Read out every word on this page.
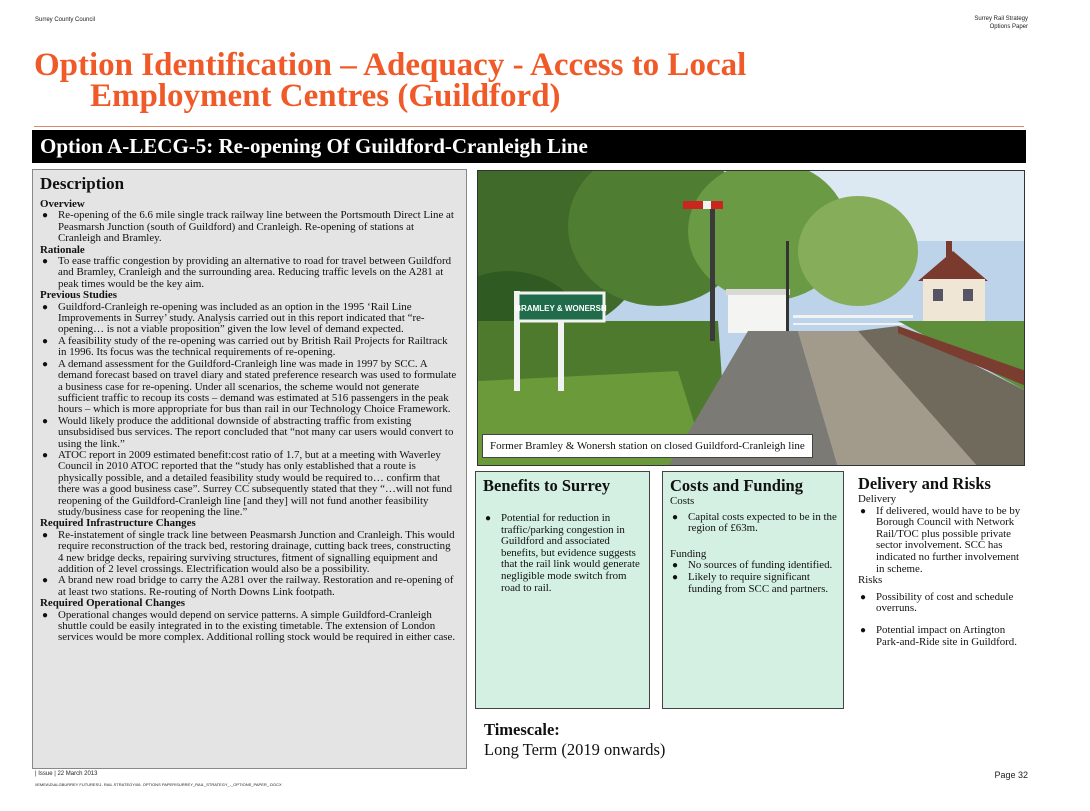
Surrey County Council	Surrey Rail Strategy
Options Paper
Option Identification – Adequacy - Access to Local
Employment Centres (Guildford)
Option A-LECG-5: Re-opening Of Guildford-Cranleigh Line
Description
Overview
● Re-opening of the 6.6 mile single track railway line between the Portsmouth Direct Line at Peasmarsh Junction (south of Guildford) and Cranleigh. Re-opening of stations at Cranleigh and Bramley.
Rationale
● To ease traffic congestion by providing an alternative to road for travel between Guildford and Bramley, Cranleigh and the surrounding area. Reducing traffic levels on the A281 at peak times would be the key aim.
Previous Studies
● Guildford-Cranleigh re-opening was included as an option in the 1995 ‘Rail Line Improvements in Surrey’ study. Analysis carried out in this report indicated that “re-opening… is not a viable proposition” given the low level of demand expected.
● A feasibility study of the re-opening was carried out by British Rail Projects for Railtrack in 1996. Its focus was the technical requirements of re-opening.
● A demand assessment for the Guildford-Cranleigh line was made in 1997 by SCC. A demand forecast based on travel diary and stated preference research was used to formulate a business case for re-opening. Under all scenarios, the scheme would not generate sufficient traffic to recoup its costs – demand was estimated at 516 passengers in the peak hours – which is more appropriate for bus than rail in our Technology Choice Framework.
● Would likely produce the additional downside of abstracting traffic from existing unsubsidised bus services. The report concluded that “not many car users would convert to using the link.”
● ATOC report in 2009 estimated benefit:cost ratio of 1.7, but at a meeting with Waverley Council in 2010 ATOC reported that the “study has only established that a route is physically possible, and a detailed feasibility study would be required to… confirm that there was a good business case”. Surrey CC subsequently stated that they “…will not fund reopening of the Guildford-Cranleigh line [and they] will not fund another feasibility study/business case for reopening the line.”
Required Infrastructure Changes
● Re-instatement of single track line between Peasmarsh Junction and Cranleigh. This would require reconstruction of the track bed, restoring drainage, cutting back trees, constructing 4 new bridge decks, repairing surviving structures, fitment of signalling equipment and addition of 2 level crossings. Electrification would also be a possibility.
● A brand new road bridge to carry the A281 over the railway. Restoration and re-opening of at least two stations. Re-routing of North Downs Link footpath.
Required Operational Changes
● Operational changes would depend on service patterns. A simple Guildford-Cranleigh shuttle could be easily integrated in to the existing timetable. The extension of London services would be more complex. Additional rolling stock would be required in either case.
BRAMLEY & WONERSH
Former Bramley & Wonersh station on closed Guildford-Cranleigh line
Benefits to Surrey
● Potential for reduction in traffic/parking congestion in Guildford and associated benefits, but evidence suggests that the rail link would generate negligible mode switch from road to rail.
Costs and Funding
Costs
● Capital costs expected to be in the region of £63m.
Funding
● No sources of funding identified.
● Likely to require significant funding from SCC and partners.
Delivery and Risks
Delivery
● If delivered, would have to be by Borough Council with Network Rail/TOC plus possible private sector involvement. SCC has indicated no further involvement in scheme.
Risks
● Possibility of cost and schedule overruns.
● Potential impact on Artington Park-and-Ride site in Guildford.
Timescale:
Long Term (2019 onwards)
| Issue | 22 March 2013
\\EMEA\D\ALGBURREY FUTURES\1. RAIL STRATEGY\06. OPTIONS PAPER\SURREY_RAIL_STRATEGY_-_OPTIONS_PAPER_.DOCX
Page 32
